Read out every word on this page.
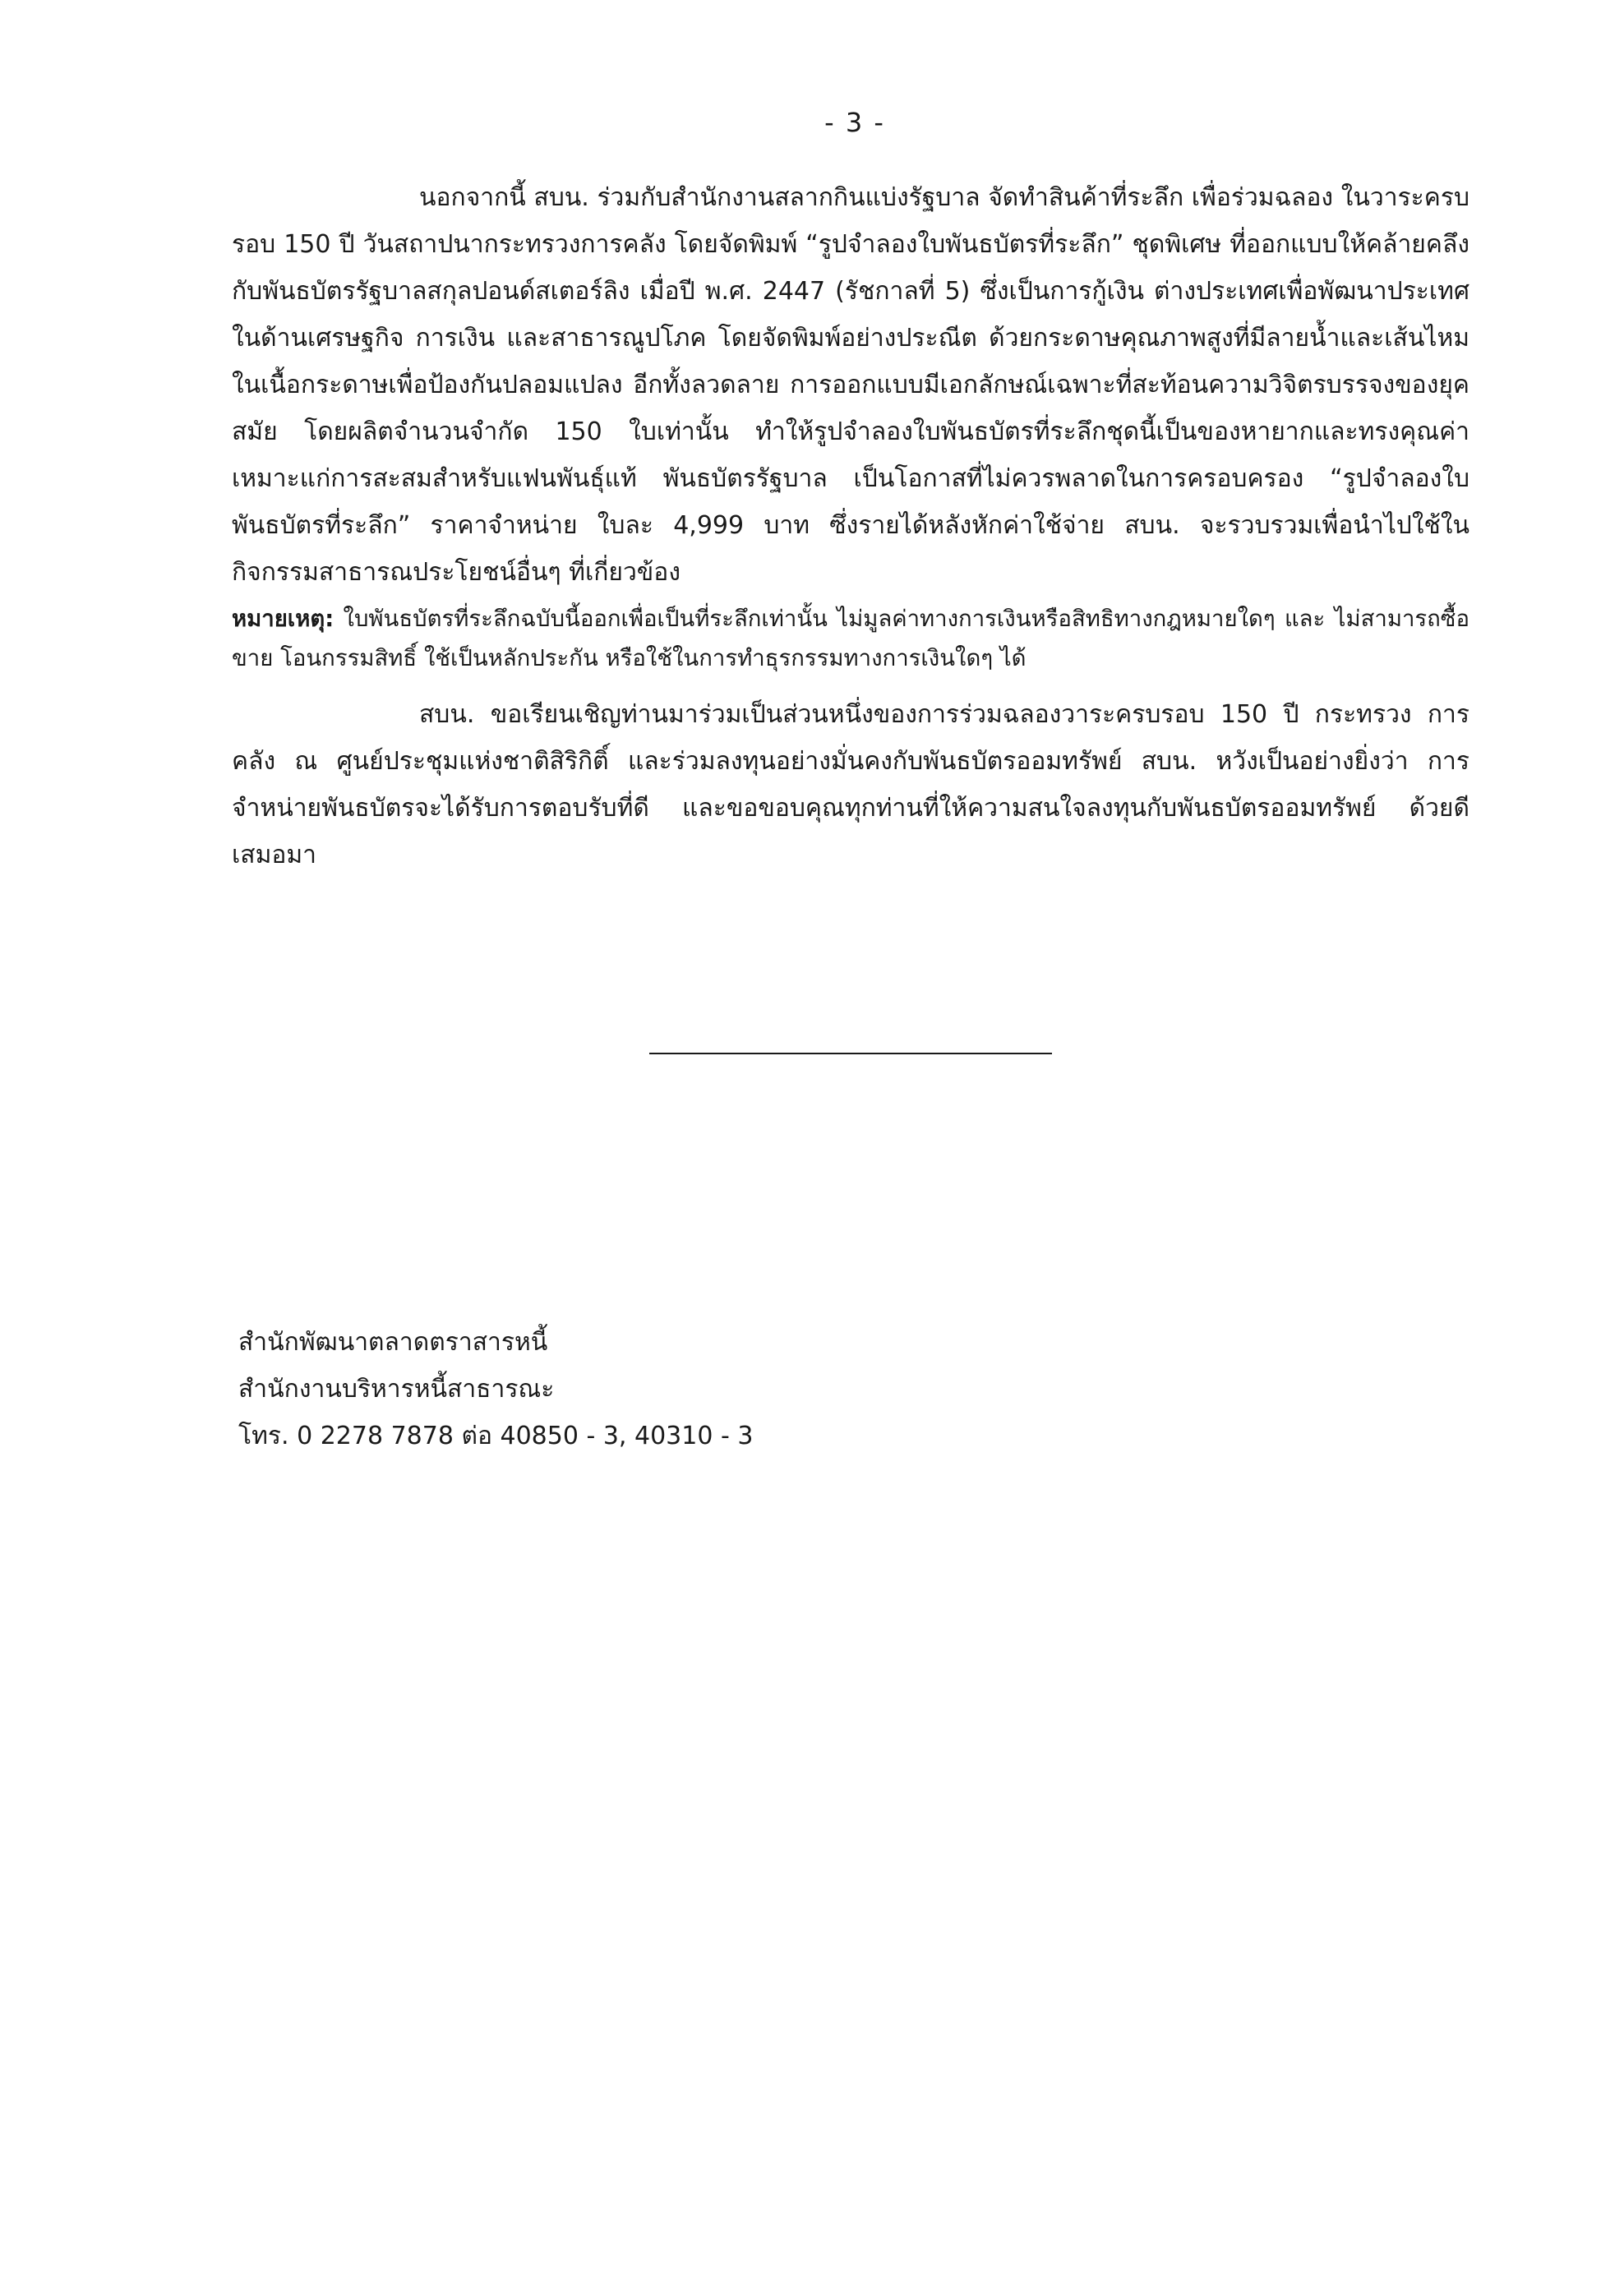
- 3 -

นอกจากนี้ สบน. ร่วมกับสำนักงานสลากกินแบ่งรัฐบาล จัดทำสินค้าที่ระลึก เพื่อร่วมฉลอง ในวาระครบรอบ 150 ปี วันสถาปนากระทรวงการคลัง โดยจัดพิมพ์ “รูปจำลองใบพันธบัตรที่ระลึก” ชุดพิเศษ ที่ออกแบบให้คล้ายคลึงกับพันธบัตรรัฐบาลสกุลปอนด์สเตอร์ลิง เมื่อปี พ.ศ. 2447 (รัชกาลที่ 5) ซึ่งเป็นการกู้เงิน ต่างประเทศเพื่อพัฒนาประเทศในด้านเศรษฐกิจ การเงิน และสาธารณูปโภค โดยจัดพิมพ์อย่างประณีต ด้วยกระดาษคุณภาพสูงที่มีลายน้ำและเส้นไหมในเนื้อกระดาษเพื่อป้องกันปลอมแปลง อีกทั้งลวดลาย การออกแบบมีเอกลักษณ์เฉพาะที่สะท้อนความวิจิตรบรรจงของยุคสมัย โดยผลิตจำนวนจำกัด 150 ใบเท่านั้น ทำให้รูปจำลองใบพันธบัตรที่ระลึกชุดนี้เป็นของหายากและทรงคุณค่า เหมาะแก่การสะสมสำหรับแฟนพันธุ์แท้ พันธบัตรรัฐบาล เป็นโอกาสที่ไม่ควรพลาดในการครอบครอง “รูปจำลองใบพันธบัตรที่ระลึก” ราคาจำหน่าย ใบละ 4,999 บาท ซึ่งรายได้หลังหักค่าใช้จ่าย สบน. จะรวบรวมเพื่อนำไปใช้ในกิจกรรมสาธารณประโยชน์อื่นๆ ที่เกี่ยวข้อง

หมายเหตุ: ใบพันธบัตรที่ระลึกฉบับนี้ออกเพื่อเป็นที่ระลึกเท่านั้น ไม่มูลค่าทางการเงินหรือสิทธิทางกฎหมายใดๆ และ ไม่สามารถซื้อขาย โอนกรรมสิทธิ์ ใช้เป็นหลักประกัน หรือใช้ในการทำธุรกรรมทางการเงินใดๆ ได้

สบน. ขอเรียนเชิญท่านมาร่วมเป็นส่วนหนึ่งของการร่วมฉลองวาระครบรอบ 150 ปี กระทรวง การคลัง ณ ศูนย์ประชุมแห่งชาติสิริกิติ์ และร่วมลงทุนอย่างมั่นคงกับพันธบัตรออมทรัพย์ สบน. หวังเป็นอย่างยิ่งว่า การจำหน่ายพันธบัตรจะได้รับการตอบรับที่ดี และขอขอบคุณทุกท่านที่ให้ความสนใจลงทุนกับพันธบัตรออมทรัพย์ ด้วยดีเสมอมา

สำนักพัฒนาตลาดตราสารหนี้
สำนักงานบริหารหนี้สาธารณะ
โทร. 0 2278 7878 ต่อ 40850 - 3, 40310 - 3
